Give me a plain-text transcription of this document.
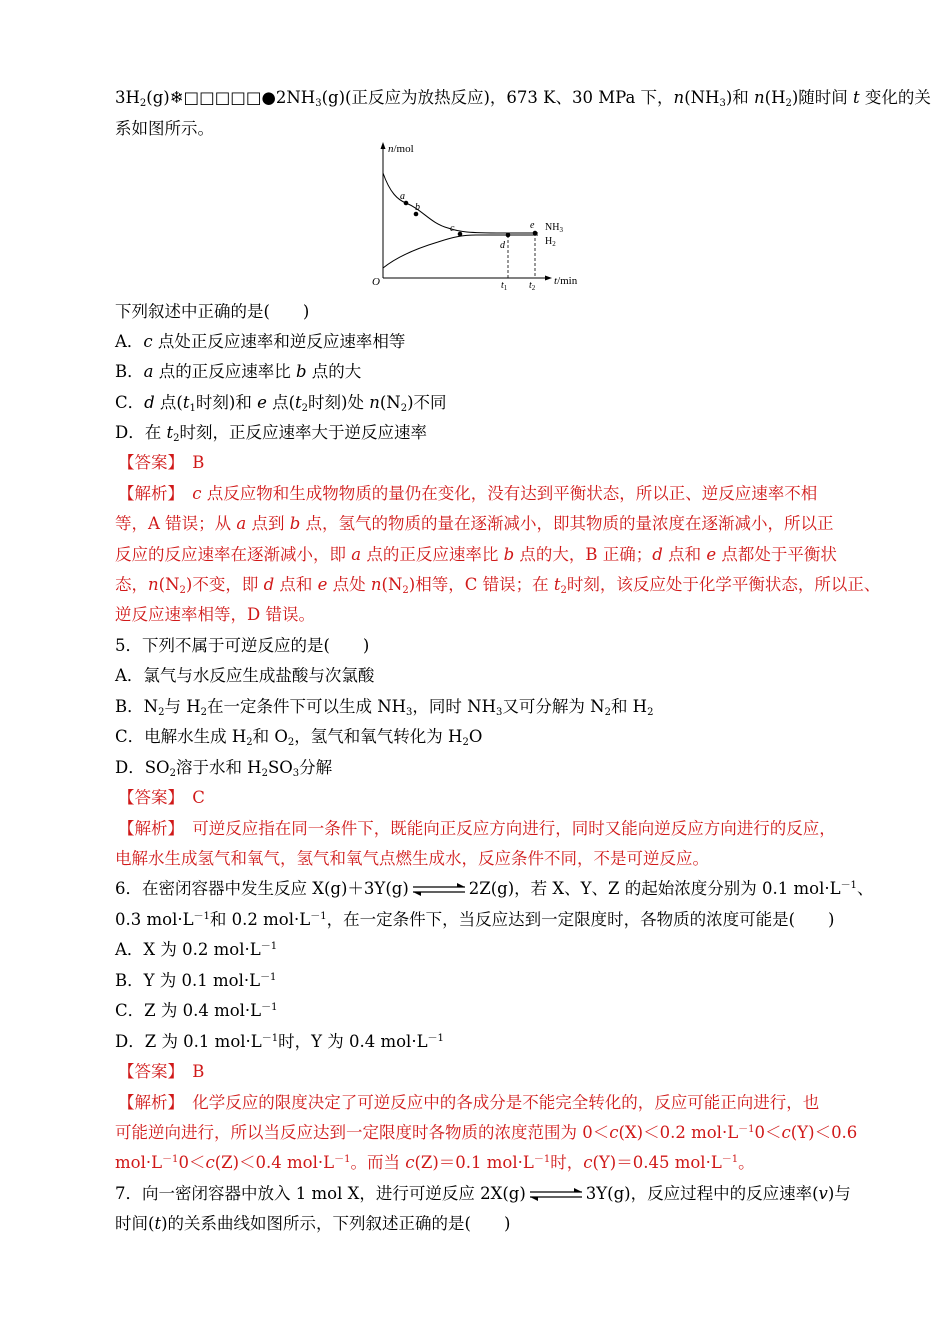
$3H_2(g)❄□□□□□●2NH_3(g)$(正反应为放热反应)，673 K、30 MPa 下，$n(NH_3)$和 $n(H_2)$随时间 t 变化的关
系如图所示。
n/mol
t/min
O
a
b
c
d
e $NH_3$
$H_2$
$t_1$ $t_2$
下列叙述中正确的是(　　)
A．c 点处正反应速率和逆反应速率相等
B．a 点的正反应速率比 b 点的大
C．d 点($t_1$时刻)和 e 点($t_2$时刻)处 $n(N_2)$不同
D．在 $t_2$时刻，正反应速率大于逆反应速率
【答案】　 B
【解析】　 c 点反应物和生成物物质的量仍在变化，没有达到平衡状态，所以正、逆反应速率不相
等，A 错误；从 a 点到 b 点，氢气的物质的量在逐渐减小，即其物质的量浓度在逐渐减小，所以正
反应的反应速率在逐渐减小，即 a 点的正反应速率比 b 点的大，B 正确；d 点和 e 点都处于平衡状
态，$n(N_2)$不变，即 d 点和 e 点处 $n(N_2)$相等，C 错误；在 $t_2$时刻，该反应处于化学平衡状态，所以正、
逆反应速率相等，D 错误。
5．下列不属于可逆反应的是(　　)
A．氯气与水反应生成盐酸与次氯酸
B．$N_2$与 $H_2$在一定条件下可以生成 $NH_3$，同时 $NH_3$又可分解为 $N_2$和 $H_2$
C．电解水生成 $H_2$和 $O_2$，氢气和氧气转化为 $H_2O$
D．$SO_2$溶于水和 $H_2SO_3$分解
【答案】　 C
【解析】　 可逆反应指在同一条件下，既能向正反应方向进行，同时又能向逆反应方向进行的反应，
电解水生成氢气和氧气，氢气和氧气点燃生成水，反应条件不同，不是可逆反应。
6．在密闭容器中发生反应 X(g)＋3Y(g) ⇌ 2Z(g)，若 X、Y、Z 的起始浓度分别为 0.1 $mol\cdot L^{-1}$、
0.3 $mol\cdot L^{-1}$和 0.2 $mol\cdot L^{-1}$，在一定条件下，当反应达到一定限度时，各物质的浓度可能是(　　)
A．X 为 0.2 $mol\cdot L^{-1}$
B．Y 为 0.1 $mol\cdot L^{-1}$
C．Z 为 0.4 $mol\cdot L^{-1}$
D．Z 为 0.1 $mol\cdot L^{-1}$时，Y 为 0.4 $mol\cdot L^{-1}$
【答案】　 B
【解析】　 化学反应的限度决定了可逆反应中的各成分是不能完全转化的，反应可能正向进行，也
可能逆向进行，所以当反应达到一定限度时各物质的浓度范围为 0＜c(X)＜0.2 $mol\cdot L^{-1}0<c(Y)<0.6$
$mol\cdot L^{-1}0<c(Z)<0.4$ $mol\cdot L^{-1}$。而当 c(Z)＝0.1 $mol\cdot L^{-1}$时，c(Y)＝0.45 $mol\cdot L^{-1}$。
7．向一密闭容器中放入 1 mol X，进行可逆反应 2X(g) ⇌ 3Y(g)，反应过程中的反应速率(v)与
时间(t)的关系曲线如图所示，下列叙述正确的是(　　)
